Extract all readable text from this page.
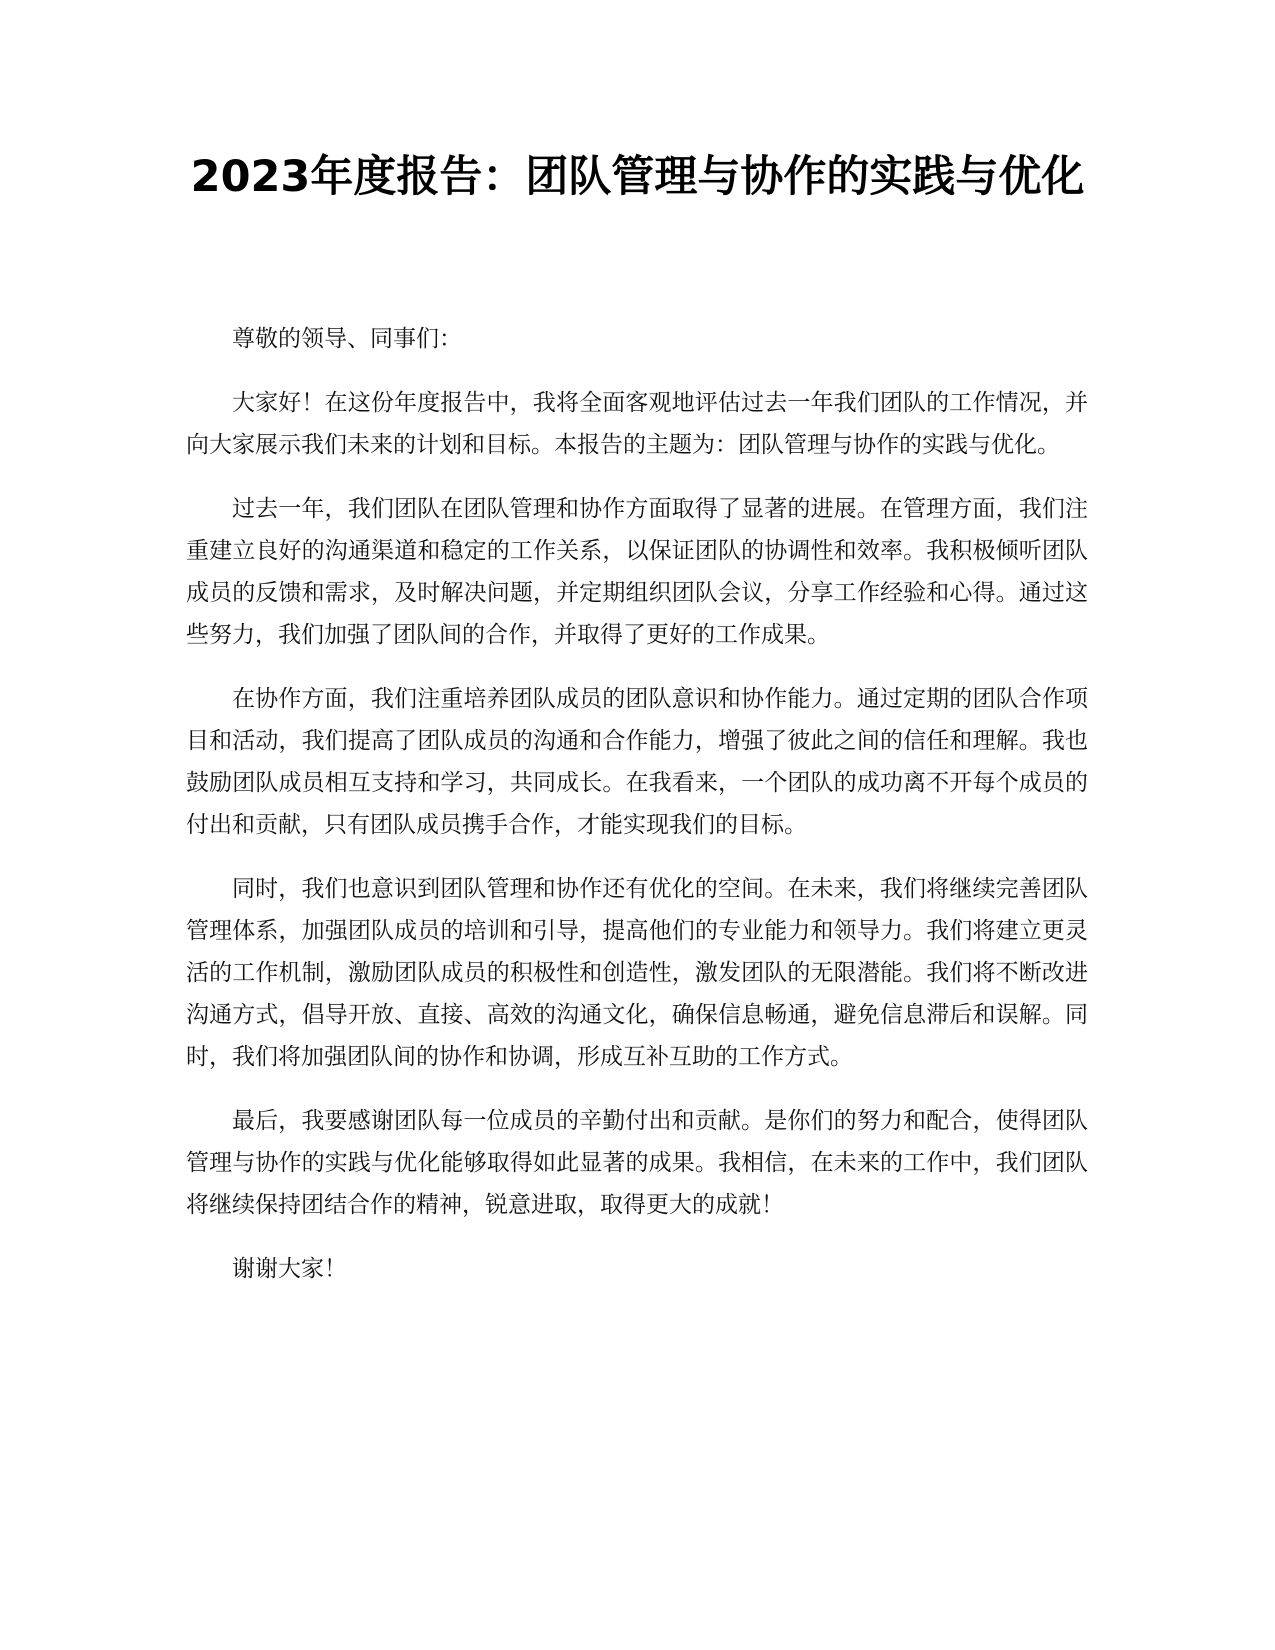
2023年度报告：团队管理与协作的实践与优化

尊敬的领导、同事们：

大家好！在这份年度报告中，我将全面客观地评估过去一年我们团队的工作情况，并向大家展示我们未来的计划和目标。本报告的主题为：团队管理与协作的实践与优化。

过去一年，我们团队在团队管理和协作方面取得了显著的进展。在管理方面，我们注重建立良好的沟通渠道和稳定的工作关系，以保证团队的协调性和效率。我积极倾听团队成员的反馈和需求，及时解决问题，并定期组织团队会议，分享工作经验和心得。通过这些努力，我们加强了团队间的合作，并取得了更好的工作成果。

在协作方面，我们注重培养团队成员的团队意识和协作能力。通过定期的团队合作项目和活动，我们提高了团队成员的沟通和合作能力，增强了彼此之间的信任和理解。我也鼓励团队成员相互支持和学习，共同成长。在我看来，一个团队的成功离不开每个成员的付出和贡献，只有团队成员携手合作，才能实现我们的目标。

同时，我们也意识到团队管理和协作还有优化的空间。在未来，我们将继续完善团队管理体系，加强团队成员的培训和引导，提高他们的专业能力和领导力。我们将建立更灵活的工作机制，激励团队成员的积极性和创造性，激发团队的无限潜能。我们将不断改进沟通方式，倡导开放、直接、高效的沟通文化，确保信息畅通，避免信息滞后和误解。同时，我们将加强团队间的协作和协调，形成互补互助的工作方式。

最后，我要感谢团队每一位成员的辛勤付出和贡献。是你们的努力和配合，使得团队管理与协作的实践与优化能够取得如此显著的成果。我相信，在未来的工作中，我们团队将继续保持团结合作的精神，锐意进取，取得更大的成就！

谢谢大家！
